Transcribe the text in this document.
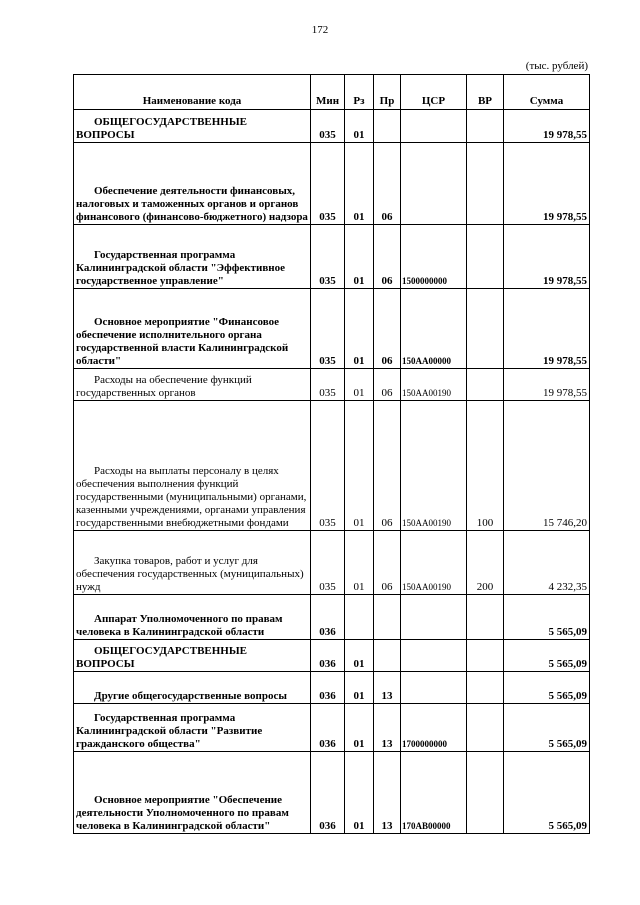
172
(тыс. рублей)
Наименование кода	Мин	Рз	Пр	ЦСР	ВР	Сумма
ОБЩЕГОСУДАРСТВЕННЫЕ ВОПРОСЫ	035	01				19 978,55
Обеспечение деятельности финансовых, налоговых и таможенных органов и органов финансового (финансово-бюджетного) надзора	035	01	06			19 978,55
Государственная программа Калининградской области "Эффективное государственное управление"	035	01	06	1500000000		19 978,55
Основное мероприятие "Финансовое обеспечение исполнительного органа государственной власти Калининградской области"	035	01	06	150АА00000		19 978,55
Расходы на обеспечение функций государственных органов	035	01	06	150АА00190		19 978,55
Расходы на выплаты персоналу в целях обеспечения выполнения функций государственными (муниципальными) органами, казенными учреждениями, органами управления государственными внебюджетными фондами	035	01	06	150АА00190	100	15 746,20
Закупка товаров, работ и услуг для обеспечения государственных (муниципальных) нужд	035	01	06	150АА00190	200	4 232,35
Аппарат Уполномоченного по правам человека в Калининградской области	036					5 565,09
ОБЩЕГОСУДАРСТВЕННЫЕ ВОПРОСЫ	036	01				5 565,09
Другие общегосударственные вопросы	036	01	13			5 565,09
Государственная программа Калининградской области "Развитие гражданского общества"	036	01	13	1700000000		5 565,09
Основное мероприятие "Обеспечение деятельности Уполномоченного по правам человека в Калининградской области"	036	01	13	170АВ00000		5 565,09
